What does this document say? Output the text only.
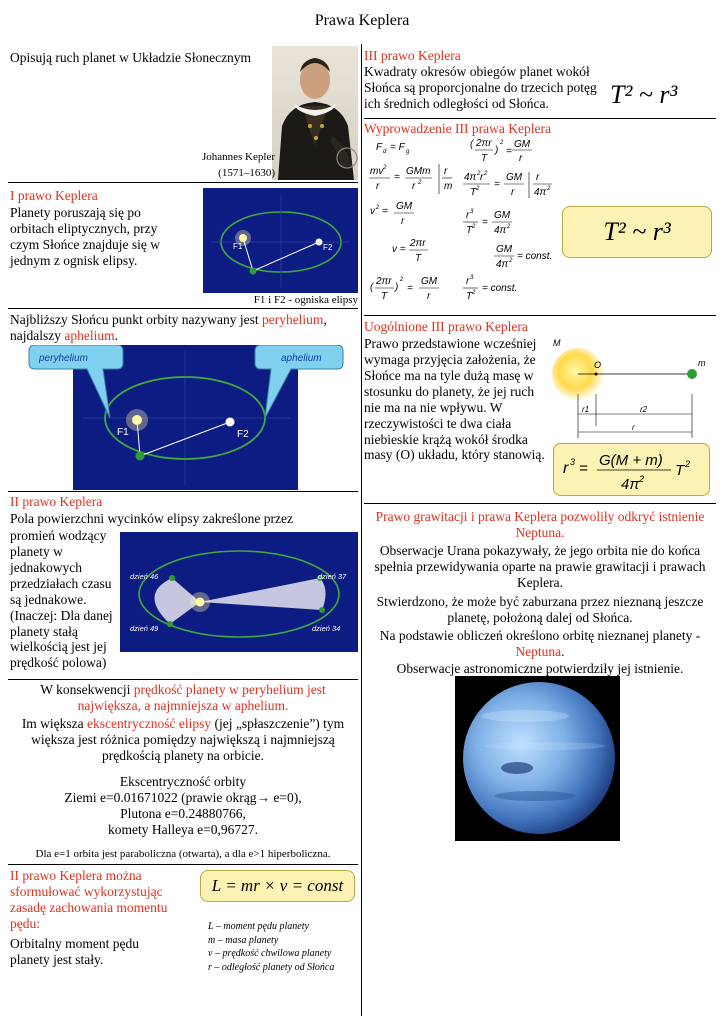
Prawa Keplera
Opisują ruch planet w Układzie Słonecznym
Johannes Kepler
(1571–1630)
I prawo Keplera
Planety poruszają się po orbitach eliptycznych, przy czym Słońce znajduje się w jednym z ognisk elipsy.
F1	F2
F1 i F2 - ogniska elipsy
Najbliższy Słońcu punkt orbity nazywany jest peryhelium, najdalszy aphelium.
F1	F2
peryhelium	aphelium
II prawo Keplera
Pola powierzchni wycinków elipsy zakreślone przez
promień wodzący planety w jednakowych przedziałach czasu są jednakowe. (Inaczej: Dla danej planety stałą wielkością jest jej prędkość polowa)
dzień 46	dzień 37
dzień 49	dzień 34
W konsekwencji prędkość planety w peryhelium jest największa, a najmniejsza w aphelium.
Im większa ekscentryczność elipsy (jej „spłaszczenie”) tym większa jest różnica pomiędzy największą i najmniejszą prędkością planety na orbicie.
Ekscentryczność orbity
Ziemi e=0.01671022 (prawie okrąg→ e=0),
Plutona e=0.24880766,
komety Halleya e=0,96727.
Dla e=1 orbita jest paraboliczna (otwarta), a dla e>1 hiperboliczna.
II prawo Keplera można sformułować wykorzystując zasadę zachowania momentu pędu:
Orbitalny moment pędu planety jest stały.
L = mr × v = const
L – moment pędu planety
m – masa planety
v – prędkość chwilowa planety
r – odległość planety od Słońca
III prawo Keplera
Kwadraty okresów obiegów planet wokół Słońca są proporcjonalne do trzecich potęg ich średnich odległości od Słońca.	T² ~ r³
Wyprowadzenie III prawa Keplera
F d = F g
mv 2
r
=
GMm
r 2
r
m
v 2 = GM
r
v =
2πr
T
(
2πr
T
)
2
=
GM
r
( 2πr
T
)
2
=
GM
r
4π 2 r 2
T 2 =
GM
r
r
4π 2
r 3
T 2 =
GM
4π 2
GM
4π 2 = const.
r 3
T 2 = const.
T² ~ r³
Uogólnione III prawo Keplera
Prawo przedstawione wcześniej wymaga przyjęcia założenia, że Słońce ma na tyle dużą masę w stosunku do planety, że jej ruch nie ma na nie wpływu. W rzeczywistości te dwa ciała niebieskie krążą wokół środka masy (O) układu, który stanowią.
M
O	m
r1	r2
r
r 3 = G(M + m)
4π 2 T 2
Prawo grawitacji i prawa Keplera pozwoliły odkryć istnienie Neptuna.
Obserwacje Urana pokazywały, że jego orbita nie do końca spełnia przewidywania oparte na prawie grawitacji i prawach Keplera.
Stwierdzono, że może być zaburzana przez nieznaną jeszcze planetę, położoną dalej od Słońca.
Na podstawie obliczeń określono orbitę nieznanej planety - Neptuna.
Obserwacje astronomiczne potwierdziły jej istnienie.
